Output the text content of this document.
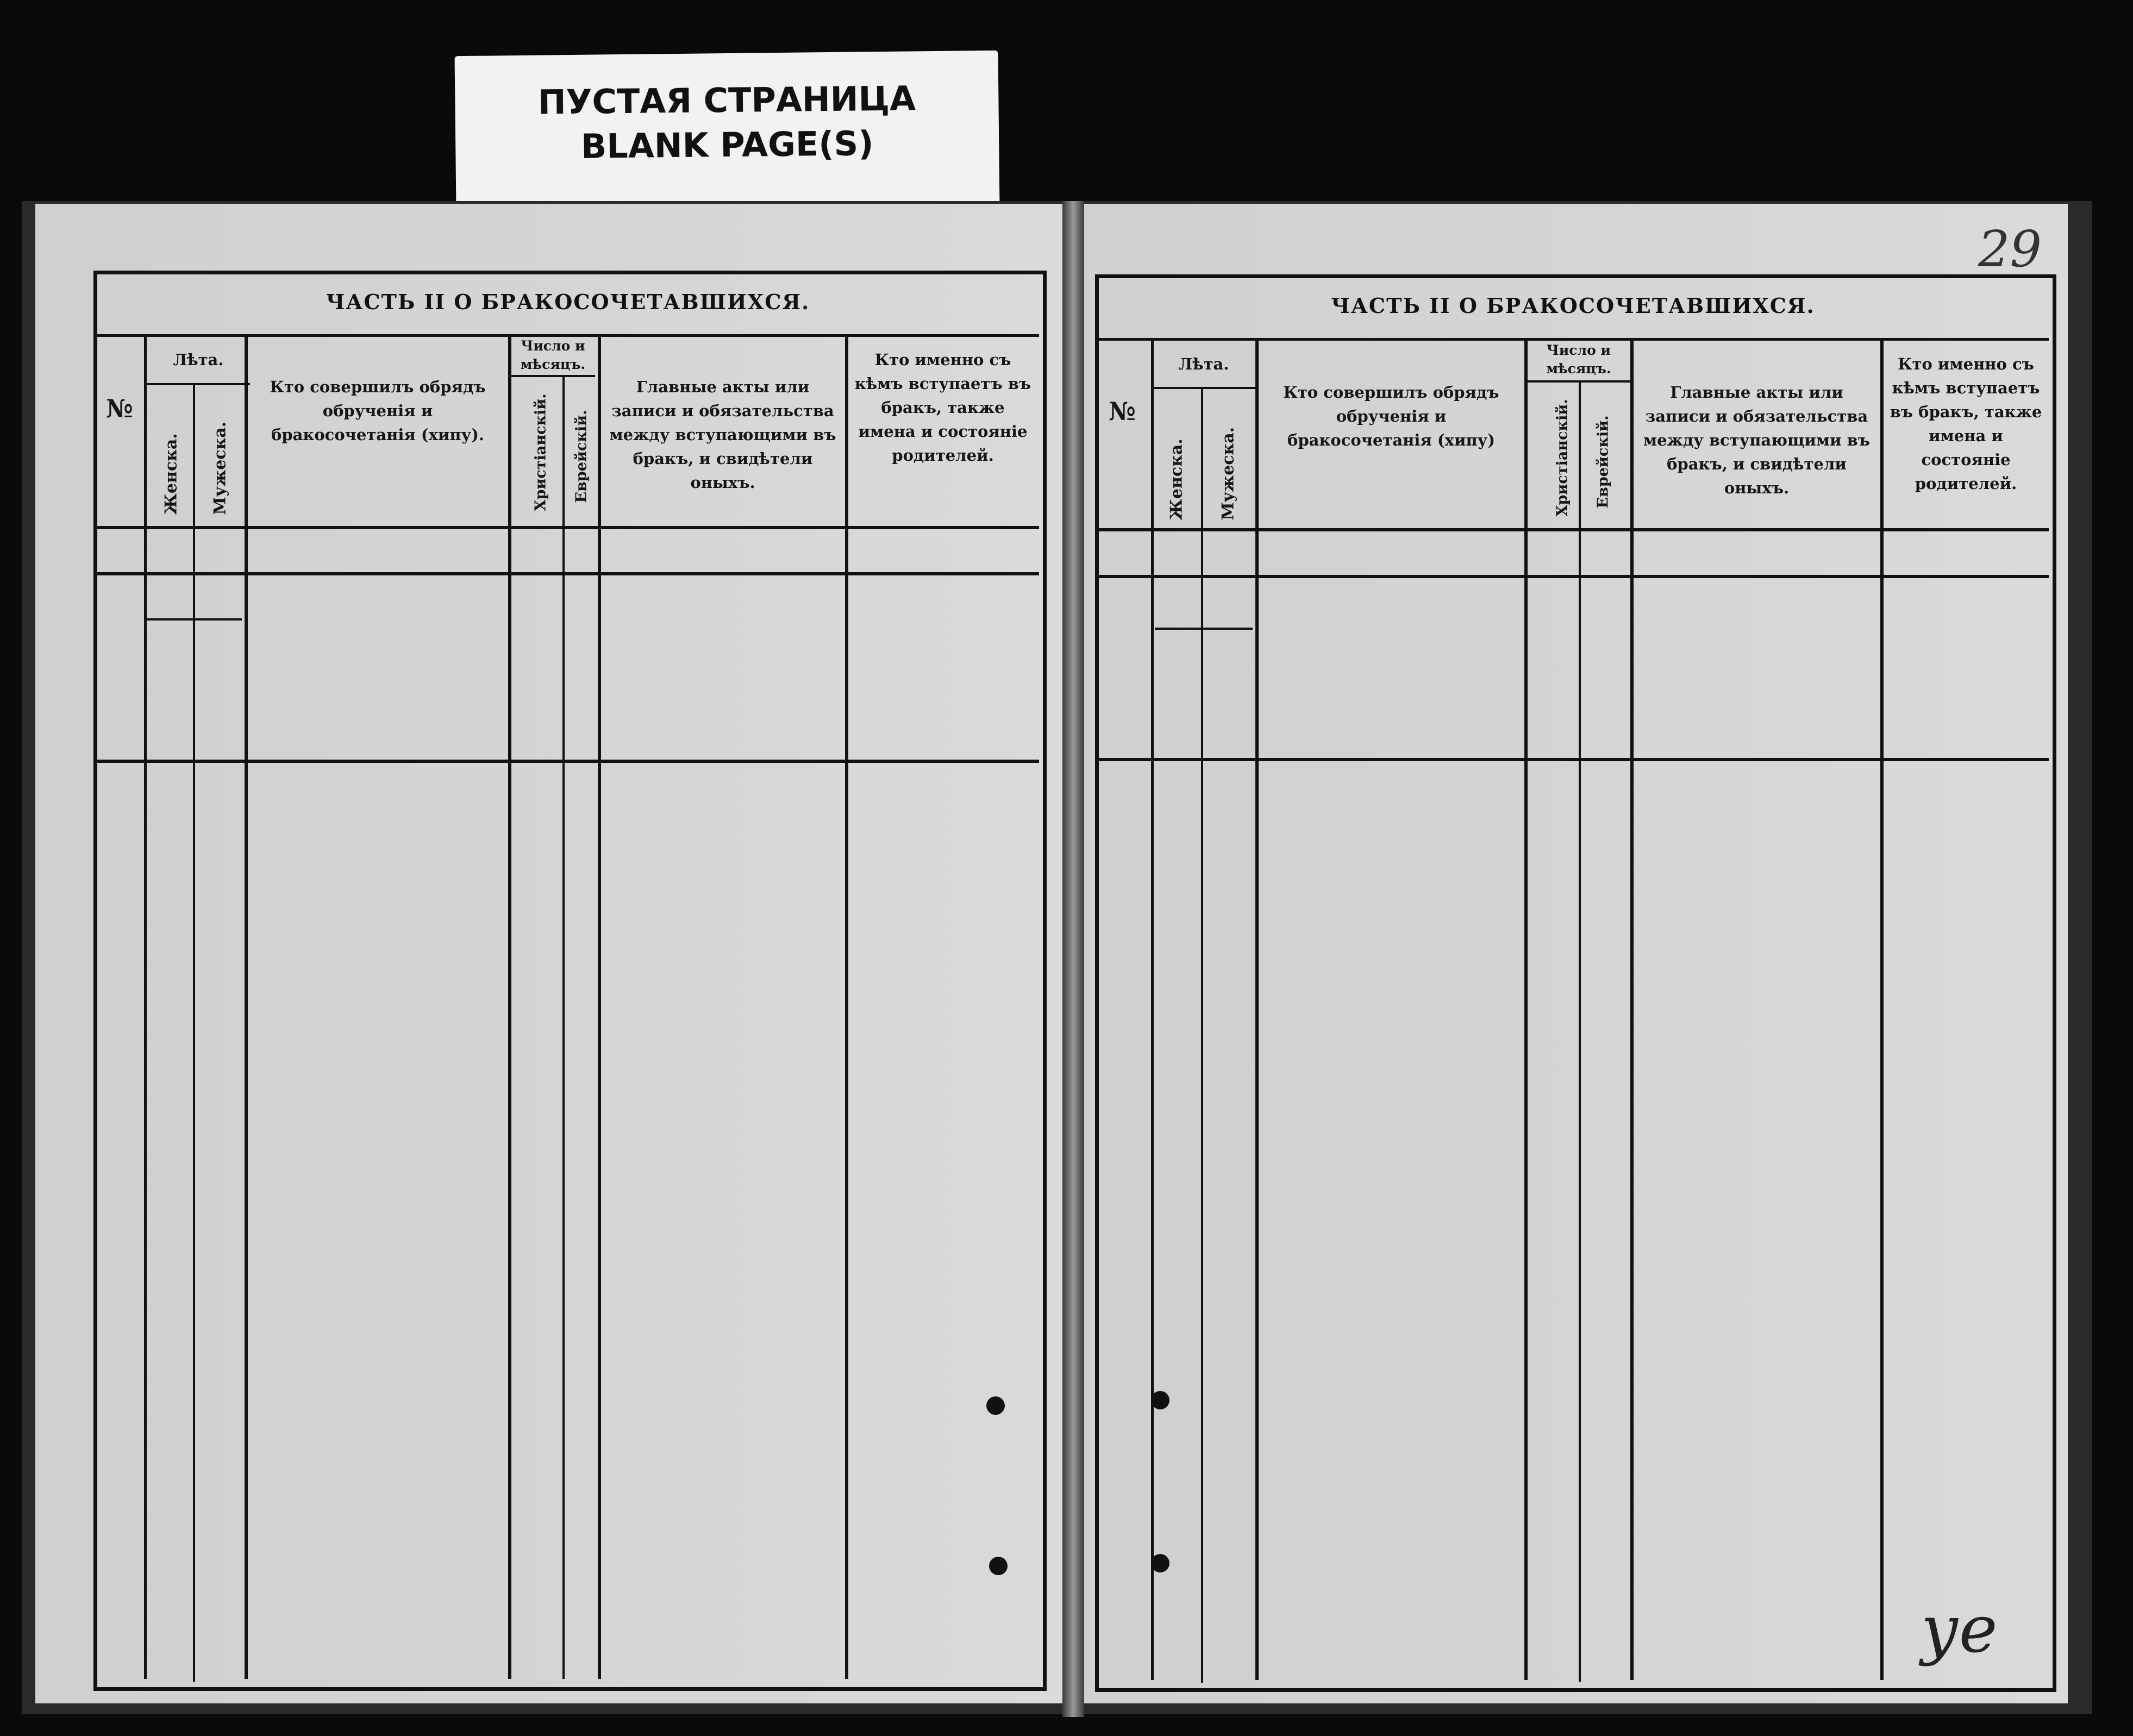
ПУСТАЯ СТРАНИЦА
BLANK PAGE(S)
ЧАСТЬ II О БРАКОСОЧЕТАВШИХСЯ.
№
Лѣта.
Женска. Мужеска.
Кто совершилъ обрядъ обрученія и бракосочетанія (хипу).
Число и мѣсяцъ.
Христіанскій. Еврейскій.
Главные акты или записи и обязательства между вступающими въ бракъ, и свидѣтели оныхъ.
Кто именно съ кѣмъ вступаетъ въ бракъ, также имена и состояніе родителей.
29
ЧАСТЬ II О БРАКОСОЧЕТАВШИХСЯ.
№
Лѣта.
Женска. Мужеска.
Кто совершилъ обрядъ обрученія и бракосочетанія (хипу)
Число и мѣсяцъ.
Христіанскій. Еврейскій.
Главные акты или записи и обязательства между вступающими въ бракъ, и свидѣтели оныхъ.
Кто именно съ кѣмъ вступаетъ въ бракъ, также имена и состояніе родителей.
уе
